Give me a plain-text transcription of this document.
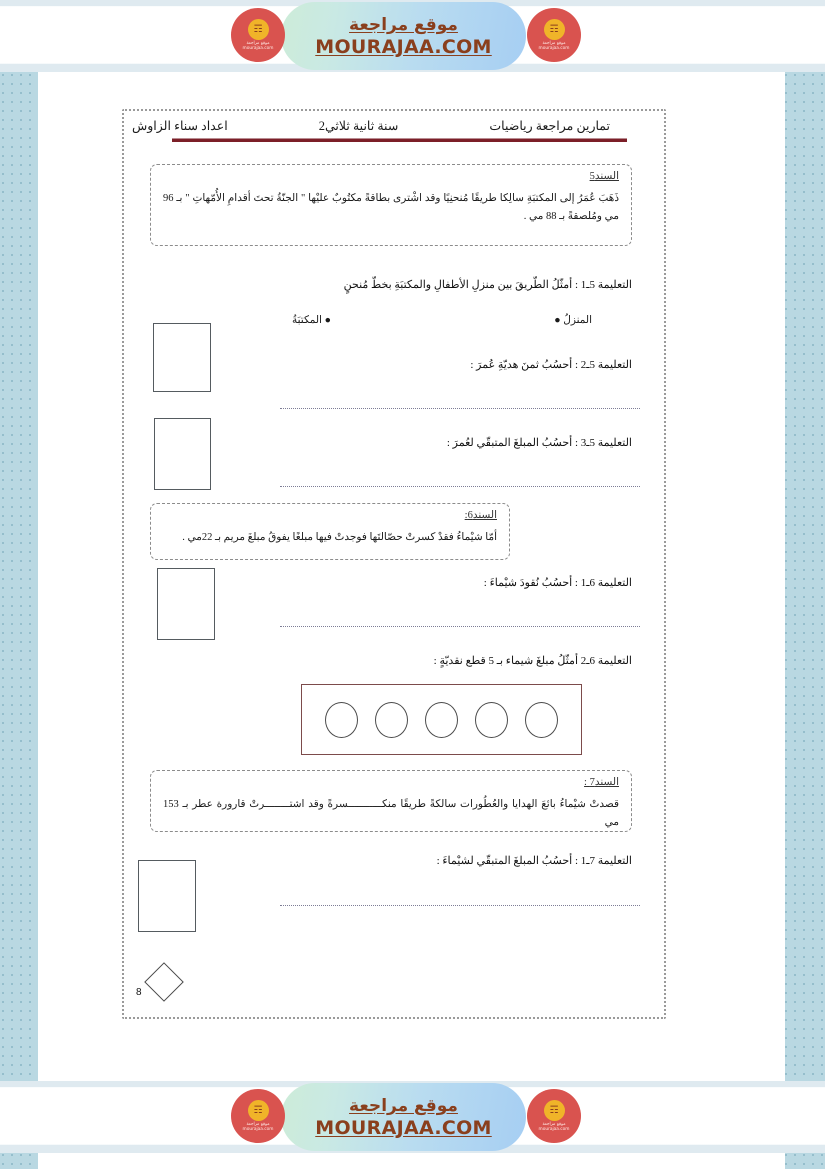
☶
موقع مراجعة
mourajaa.com
موقع مراجعة
MOURAJAA.COM
☶
موقع مراجعة
mourajaa.com
تمارين مراجعة رياضيات
سنة ثانية ثلاثي2
اعداد سناء الزاوش
السند5
ذَهَبَ عُمَرُ إلى المكتبَةِ سالِكا طريقًا مُنحنِيًا وقد اشْترى بطاقةً مكتُوبٌ عليْها " الجنّةُ تحتَ أقدامِ الأُمّهاتِ " بـ 96 مي ومُلصقةً بـ 88 مي .
التعليمة 5ـ1 : أمثّلُ الطّريقَ بين منزلِ الأطفالِ والمكتبَةِ بخطّ مُنحنٍ
المنزلُ ●
● المكتبَةُ
التعليمة 5ـ2 : أحسُبُ ثمنَ هديّةِ عُمرَ :
التعليمة 5ـ3 : أحسُبُ المبلغَ المتبقّي لعُمرَ :
السند6:
أمّا شيْماءُ فقدْ كسرتْ حصّالتَها فوجدتْ فيها مبلغًا يفوقُ مبلغَ مريم بـ 22مي .
التعليمة 6ـ1 : أحسُبُ نُقودَ شيْماءَ :
التعليمة 6ـ2 أمثّلُ مبلغَ شيماء بـ 5 قطع نقديّةٍ :
السند7 :
قصدتْ شيْماءُ بائعَ الهدايا والعُطُورات سالكةً طريقًا منكـــــــــــسرةً وقد اشتــــــــرتْ قارورة عطر بـ 153 مي
التعليمة 7ـ1 : أحسُبُ المبلغَ المتبقّي لشيْماءَ :
8
☶
موقع مراجعة
mourajaa.com
موقع مراجعة
MOURAJAA.COM
☶
موقع مراجعة
mourajaa.com
